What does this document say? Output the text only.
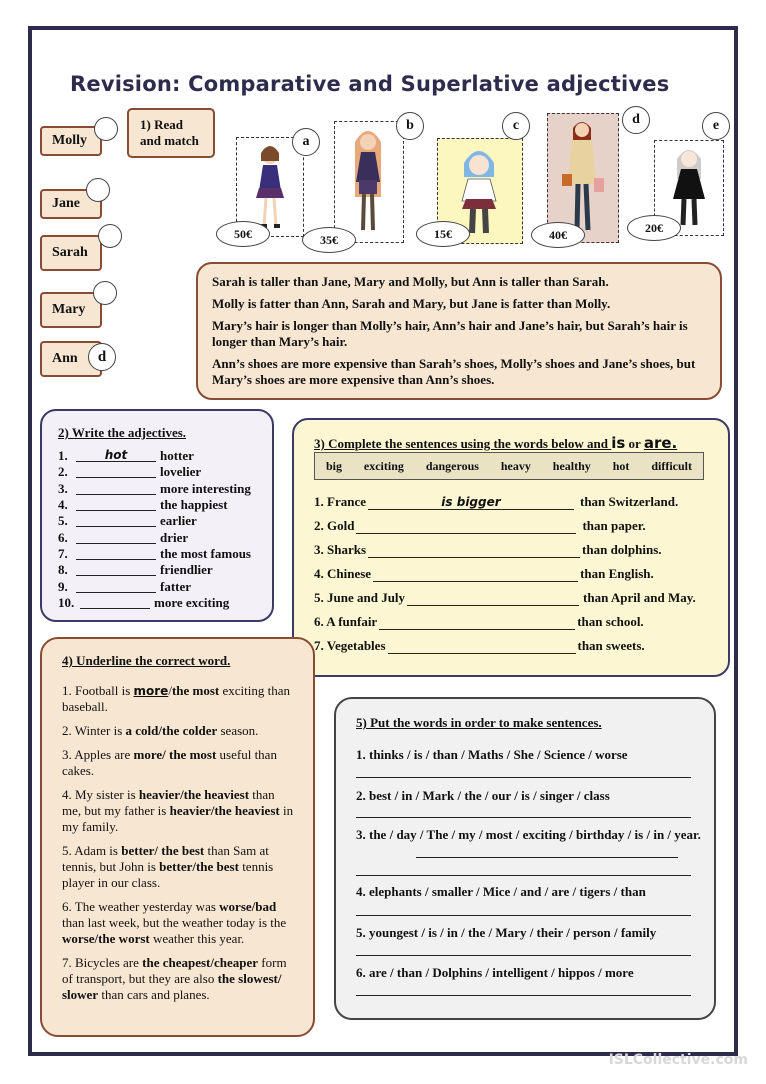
Revision: Comparative and Superlative adjectives
Molly
Jane
Sarah
Mary
Ann d
1) Read
and match	a
50€
b
35€
c
15€
d
40€
e
20€

Sarah is taller than Jane, Mary and Molly, but Ann is taller than Sarah.

Molly is fatter than Ann, Sarah and Mary, but Jane is fatter than Molly.

Mary’s hair is longer than Molly’s hair, Ann’s hair and Jane’s hair, but Sarah’s hair is longer than Mary’s hair.

Ann’s shoes are more expensive than Sarah’s shoes, Molly’s shoes and Jane’s shoes, but Mary’s shoes are more expensive than Ann’s shoes.

2) Write the adjectives.
1.	hot	hotter
2.	lovelier
3.	more interesting
4.	the happiest
5.	earlier
6.	drier
7.	the most famous
8.	friendlier
9.	fatter
10.	more exciting
3) Complete the sentences using the words below and is or are.
big exciting dangerous heavy healthy hot difficult
1. France	is bigger	than Switzerland.
2. Gold	than paper.
3. Sharks	than dolphins.
4. Chinese	than English.
5. June and July	than April and May.
6. A funfair	than school.
7. Vegetables	than sweets.
4) Underline the correct word.

1. Football is more/the most exciting than baseball.

2. Winter is a cold/the colder season.

3. Apples are more/ the most useful than cakes.

4. My sister is heavier/the heaviest than me, but my father is heavier/the heaviest in my family.

5. Adam is better/ the best than Sam at tennis, but John is better/the best tennis player in our class.

6. The weather yesterday was worse/bad than last week, but the weather today is the worse/the worst weather this year.

7. Bicycles are the cheapest/cheaper form of transport, but they are also the slowest/ slower than cars and planes.

5) Put the words in order to make sentences.
1. thinks / is / than / Maths / She / Science / worse
2. best / in / Mark / the / our / is / singer / class
3. the / day / The / my / most / exciting / birthday / is / in / year.
4. elephants / smaller / Mice / and / are / tigers / than
5. youngest / is / in / the / Mary / their / person / family
6. are / than / Dolphins / intelligent / hippos / more
ISLCollective.com
